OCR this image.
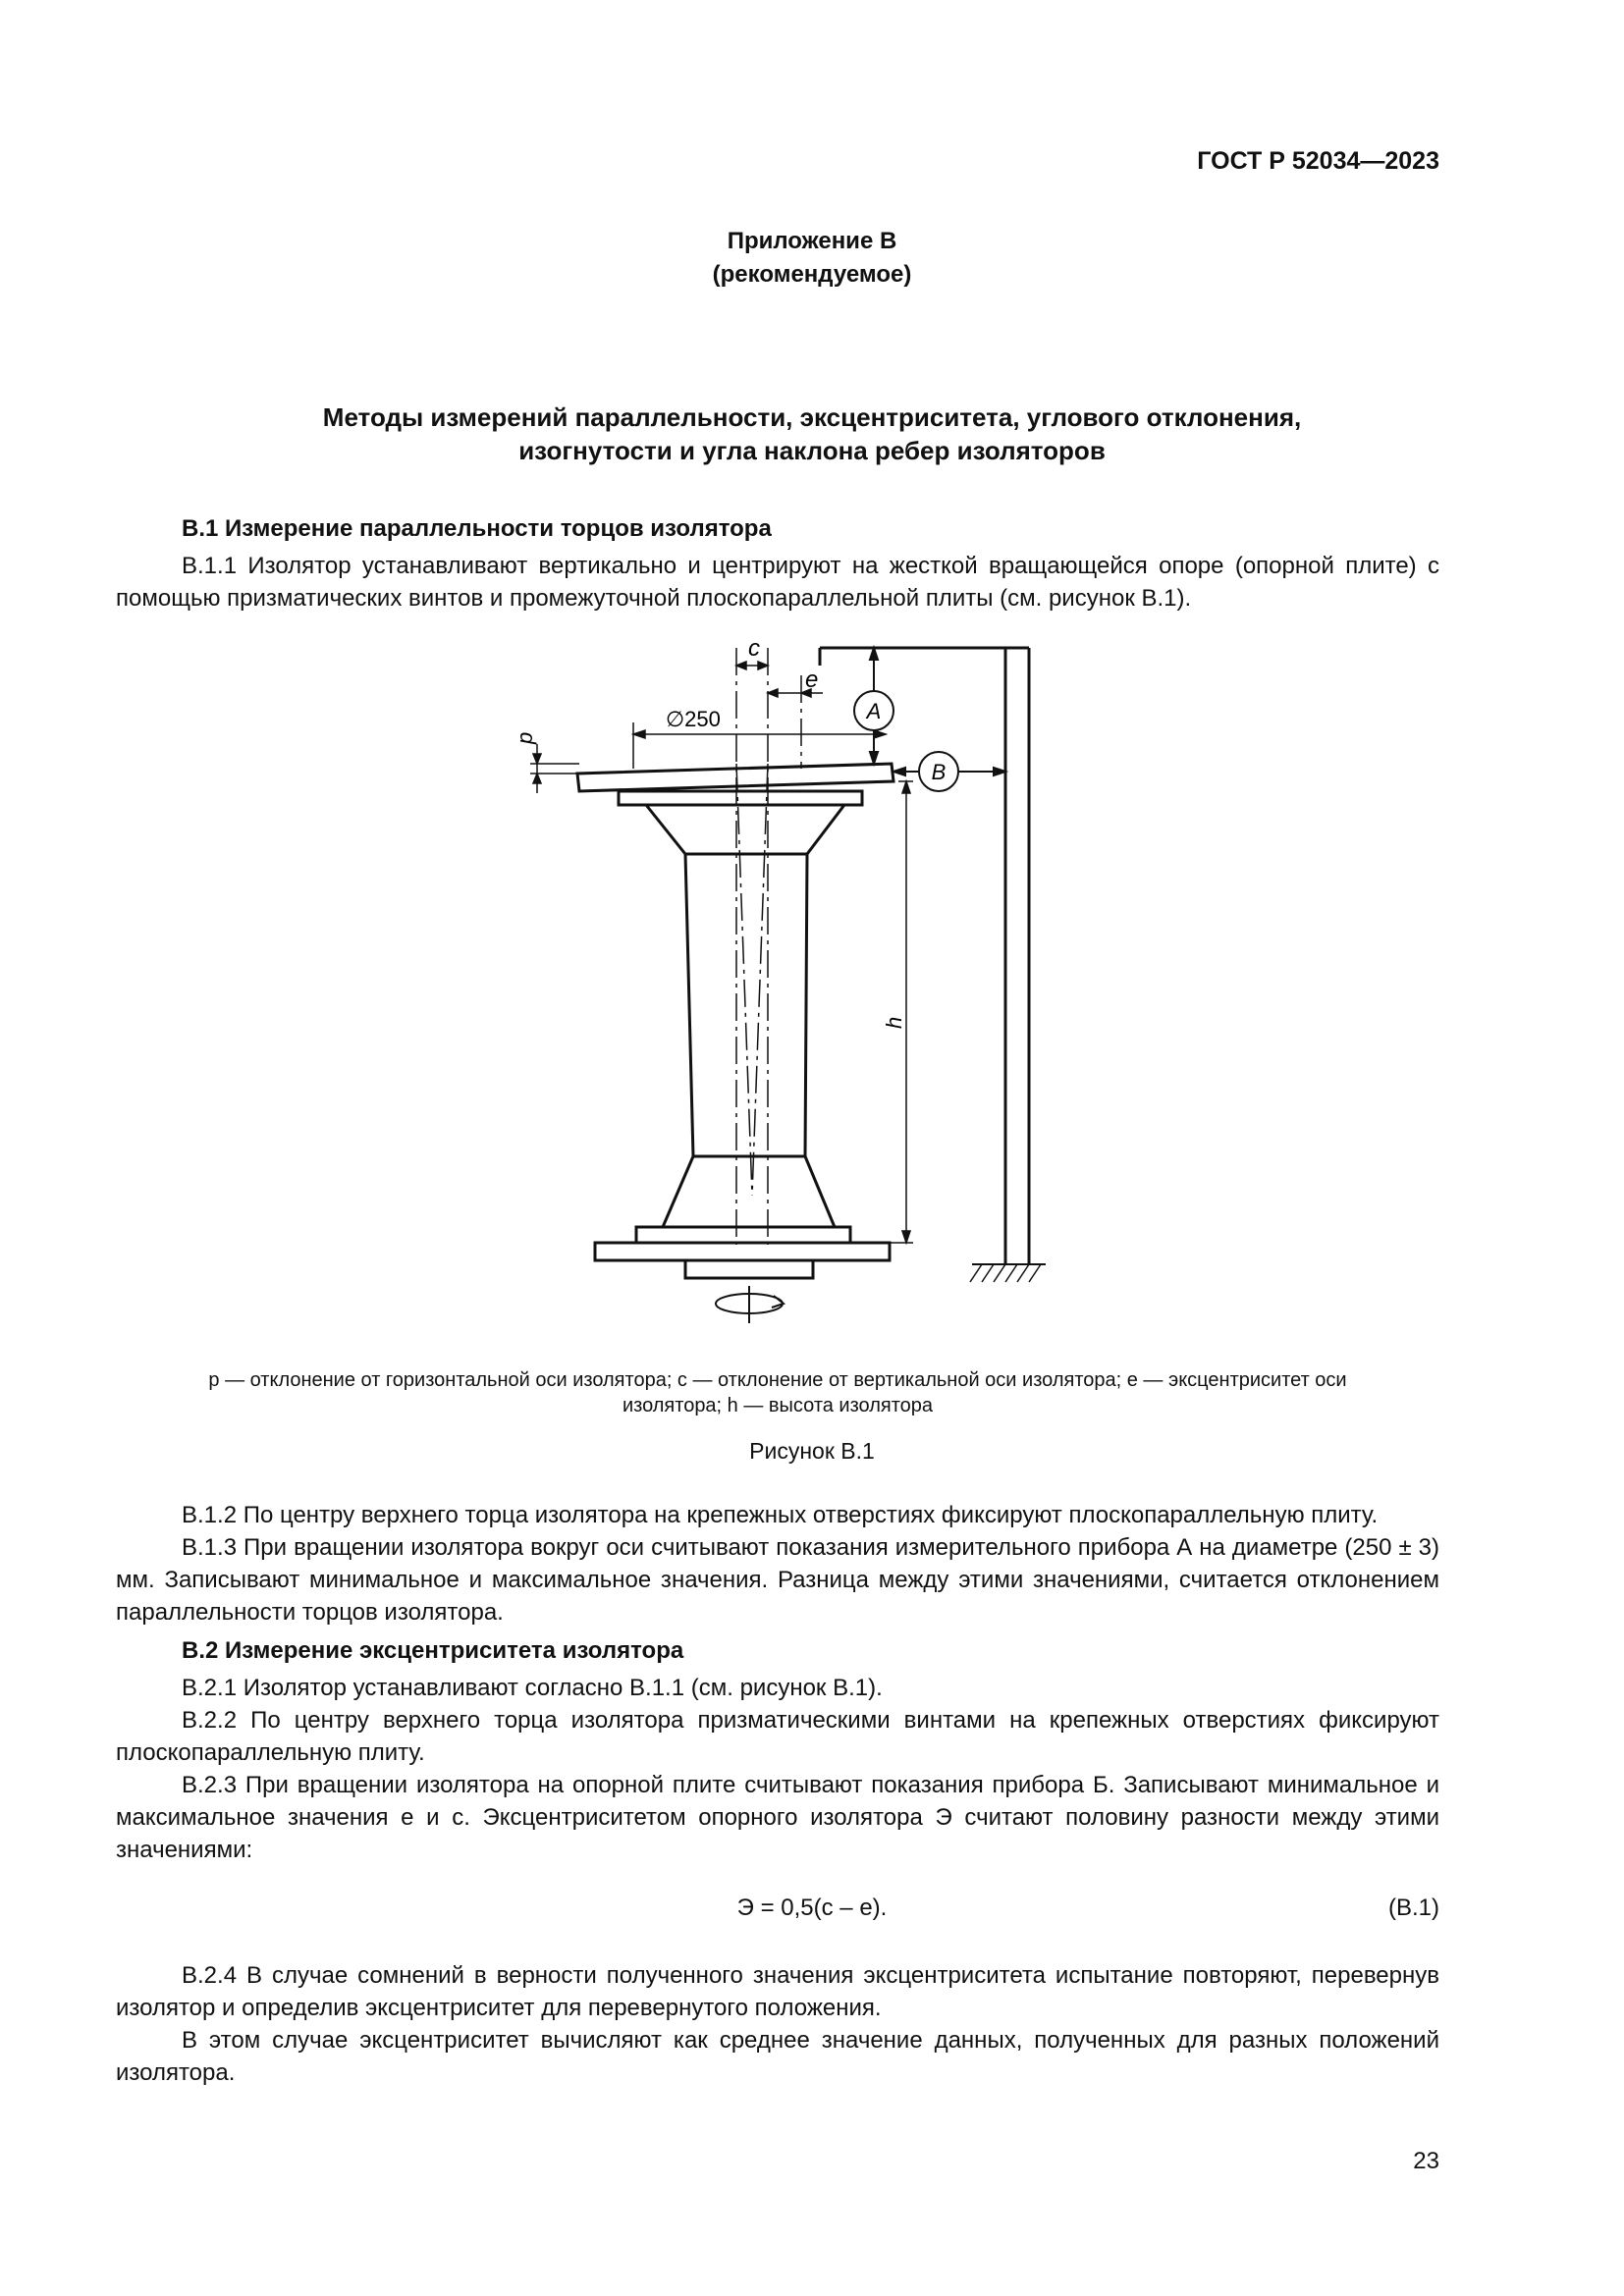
ГОСТ Р 52034—2023
Приложение В
(рекомендуемое)
Методы измерений параллельности, эксцентриситета, углового отклонения,
изогнутости и угла наклона ребер изоляторов
В.1 Измерение параллельности торцов изолятора

В.1.1 Изолятор устанавливают вертикально и центрируют на жесткой вращающейся опоре (опорной плите) с помощью призматических винтов и промежуточной плоскопараллельной плиты (см. рисунок В.1).

c
e
∅250
p
h
A
B

p — отклонение от горизонтальной оси изолятора; c — отклонение от вертикальной оси изолятора; e — эксцентриситет оси

изолятора; h — высота изолятора

Рисунок В.1

В.1.2 По центру верхнего торца изолятора на крепежных отверстиях фиксируют плоскопараллельную плиту.

В.1.3 При вращении изолятора вокруг оси считывают показания измерительного прибора А на диаметре (250 ± 3) мм. Записывают минимальное и максимальное значения. Разница между этими значениями, считается отклонением параллельности торцов изолятора.

В.2 Измерение эксцентриситета изолятора

В.2.1 Изолятор устанавливают согласно В.1.1 (см. рисунок В.1).

В.2.2 По центру верхнего торца изолятора призматическими винтами на крепежных отверстиях фиксируют плоскопараллельную плиту.

В.2.3 При вращении изолятора на опорной плите считывают показания прибора Б. Записывают минимальное и максимальное значения e и c. Эксцентриситетом опорного изолятора Э считают половину разности между этими значениями:

Э = 0,5(c – e).	(В.1)

В.2.4 В случае сомнений в верности полученного значения эксцентриситета испытание повторяют, перевернув изолятор и определив эксцентриситет для перевернутого положения.

В этом случае эксцентриситет вычисляют как среднее значение данных, полученных для разных положений изолятора.

23
